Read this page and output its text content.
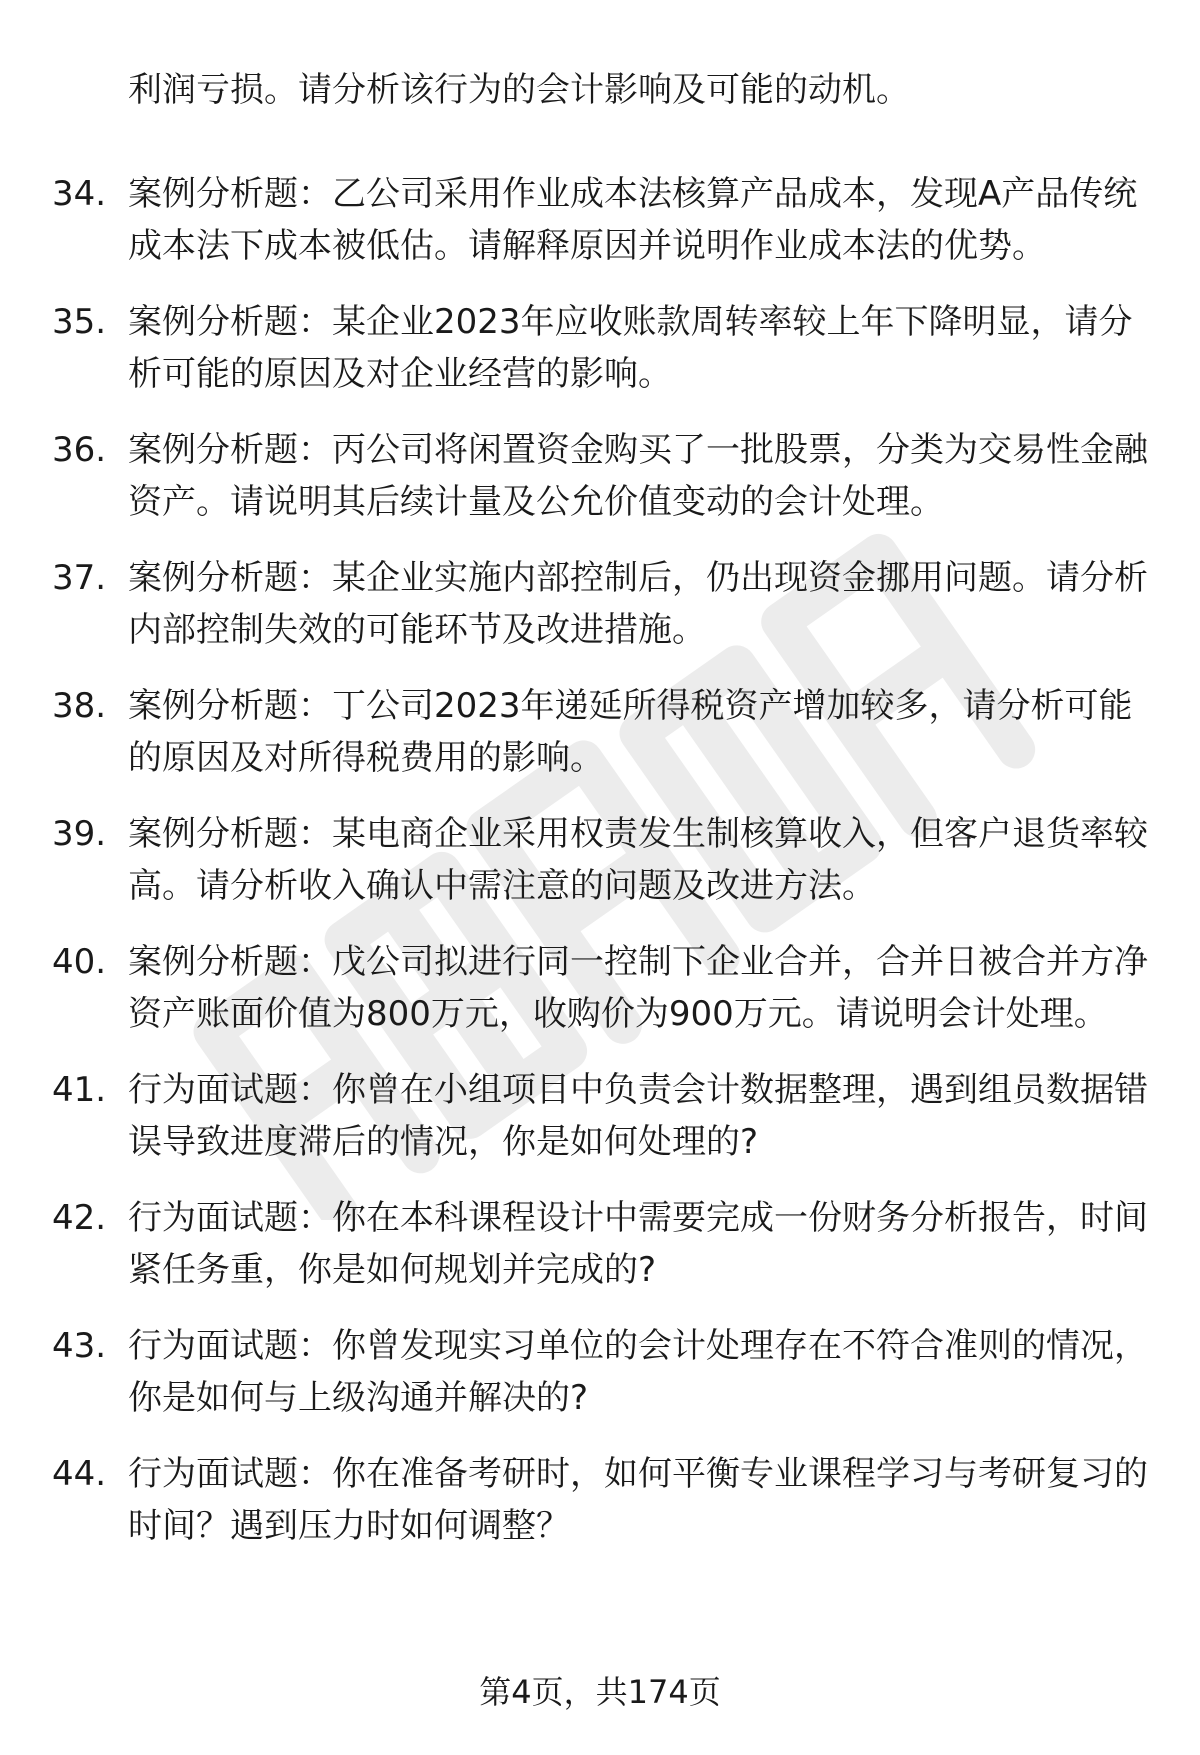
利润亏损。请分析该行为的会计影响及可能的动机。
34. 案例分析题：乙公司采用作业成本法核算产品成本，发现A产品传统成本法下成本被低估。请解释原因并说明作业成本法的优势。
35. 案例分析题：某企业2023年应收账款周转率较上年下降明显，请分析可能的原因及对企业经营的影响。
36. 案例分析题：丙公司将闲置资金购买了一批股票，分类为交易性金融资产。请说明其后续计量及公允价值变动的会计处理。
37. 案例分析题：某企业实施内部控制后，仍出现资金挪用问题。请分析内部控制失效的可能环节及改进措施。
38. 案例分析题：丁公司2023年递延所得税资产增加较多，请分析可能的原因及对所得税费用的影响。
39. 案例分析题：某电商企业采用权责发生制核算收入，但客户退货率较高。请分析收入确认中需注意的问题及改进方法。
40. 案例分析题：戊公司拟进行同一控制下企业合并，合并日被合并方净资产账面价值为800万元，收购价为900万元。请说明会计处理。
41. 行为面试题：你曾在小组项目中负责会计数据整理，遇到组员数据错误导致进度滞后的情况，你是如何处理的?
42. 行为面试题：你在本科课程设计中需要完成一份财务分析报告，时间紧任务重，你是如何规划并完成的?
43. 行为面试题：你曾发现实习单位的会计处理存在不符合准则的情况，你是如何与上级沟通并解决的?
44. 行为面试题：你在准备考研时，如何平衡专业课程学习与考研复习的时间？遇到压力时如何调整？
第4页，共174页
